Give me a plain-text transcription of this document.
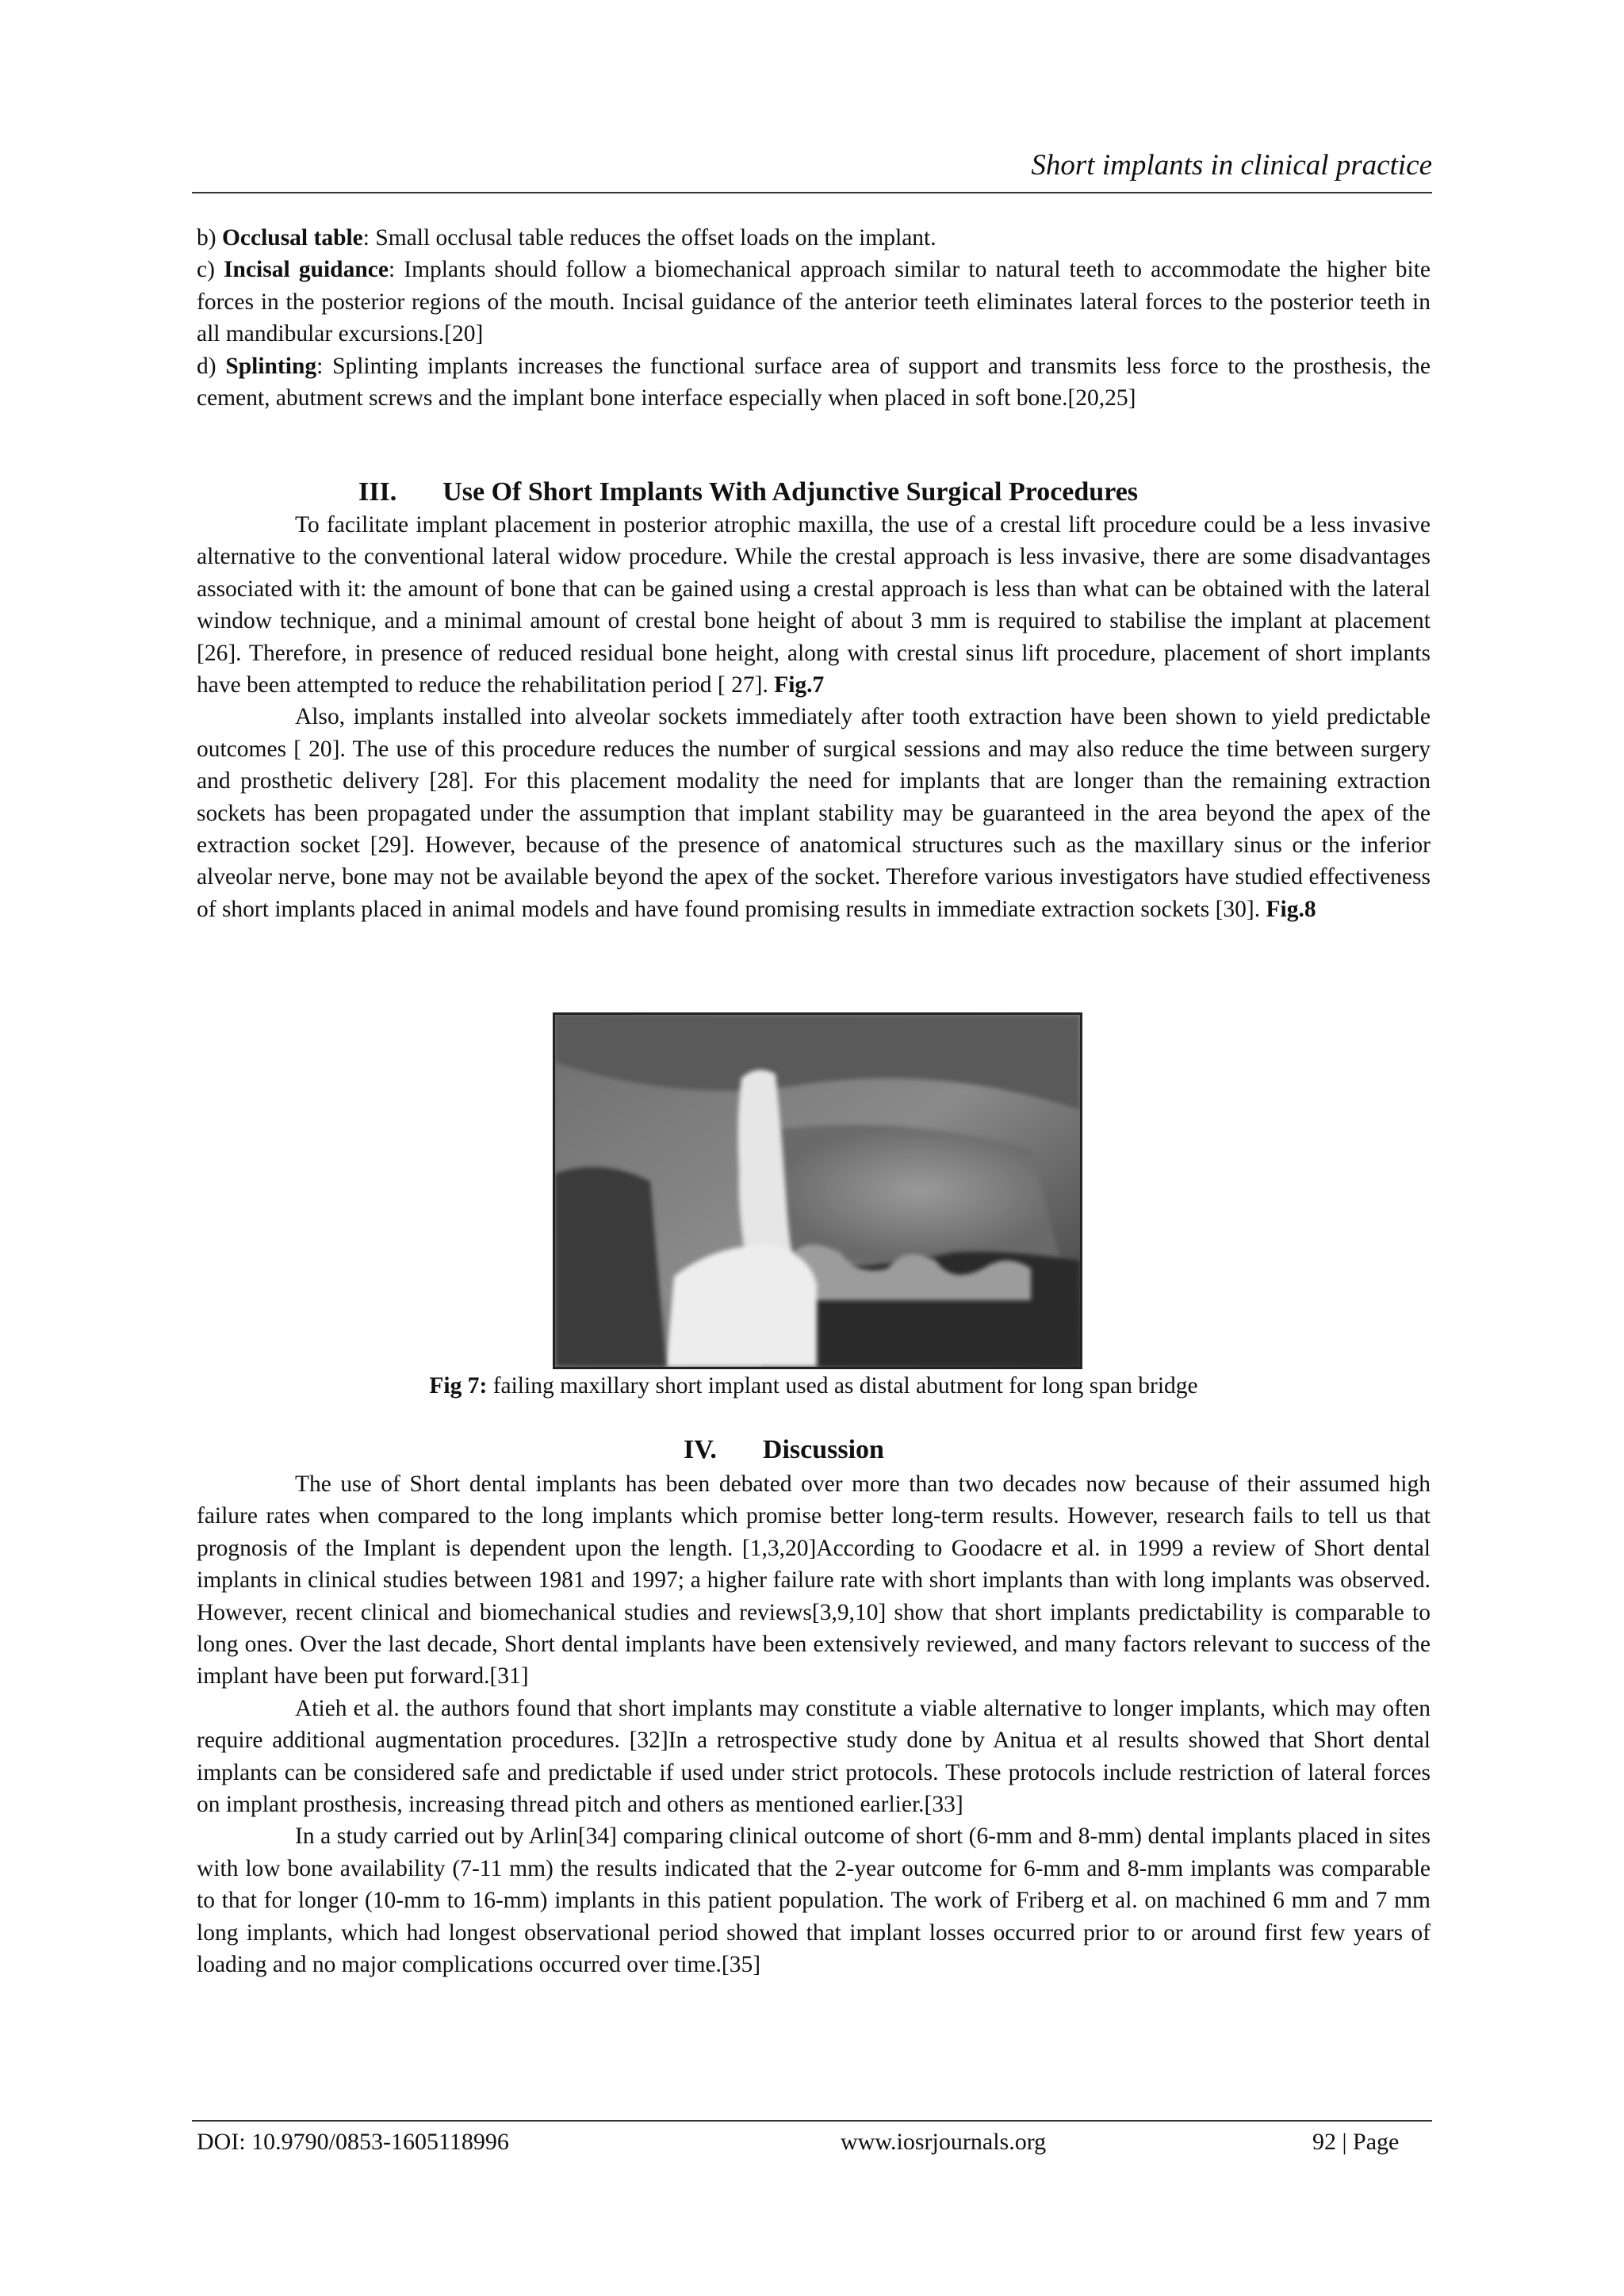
Short implants in clinical practice

b) Occlusal table: Small occlusal table reduces the offset loads on the implant.

c) Incisal guidance: Implants should follow a biomechanical approach similar to natural teeth to accommodate the higher bite forces in the posterior regions of the mouth. Incisal guidance of the anterior teeth eliminates lateral forces to the posterior teeth in all mandibular excursions.[20]

d) Splinting: Splinting implants increases the functional surface area of support and transmits less force to the prosthesis, the cement, abutment screws and the implant bone interface especially when placed in soft bone.[20,25]

III. Use Of Short Implants With Adjunctive Surgical Procedures

To facilitate implant placement in posterior atrophic maxilla, the use of a crestal lift procedure could be a less invasive alternative to the conventional lateral widow procedure. While the crestal approach is less invasive, there are some disadvantages associated with it: the amount of bone that can be gained using a crestal approach is less than what can be obtained with the lateral window technique, and a minimal amount of crestal bone height of about 3 mm is required to stabilise the implant at placement [26]. Therefore, in presence of reduced residual bone height, along with crestal sinus lift procedure, placement of short implants have been attempted to reduce the rehabilitation period [ 27]. Fig.7

Also, implants installed into alveolar sockets immediately after tooth extraction have been shown to yield predictable outcomes [ 20]. The use of this procedure reduces the number of surgical sessions and may also reduce the time between surgery and prosthetic delivery [28]. For this placement modality the need for implants that are longer than the remaining extraction sockets has been propagated under the assumption that implant stability may be guaranteed in the area beyond the apex of the extraction socket [29]. However, because of the presence of anatomical structures such as the maxillary sinus or the inferior alveolar nerve, bone may not be available beyond the apex of the socket. Therefore various investigators have studied effectiveness of short implants placed in animal models and have found promising results in immediate extraction sockets [30]. Fig.8

Fig 7: failing maxillary short implant used as distal abutment for long span bridge
IV. Discussion

The use of Short dental implants has been debated over more than two decades now because of their assumed high failure rates when compared to the long implants which promise better long-term results. However, research fails to tell us that prognosis of the Implant is dependent upon the length. [1,3,20]According to Goodacre et al. in 1999 a review of Short dental implants in clinical studies between 1981 and 1997; a higher failure rate with short implants than with long implants was observed. However, recent clinical and biomechanical studies and reviews[3,9,10] show that short implants predictability is comparable to long ones. Over the last decade, Short dental implants have been extensively reviewed, and many factors relevant to success of the implant have been put forward.[31]

Atieh et al. the authors found that short implants may constitute a viable alternative to longer implants, which may often require additional augmentation procedures. [32]In a retrospective study done by Anitua et al results showed that Short dental implants can be considered safe and predictable if used under strict protocols. These protocols include restriction of lateral forces on implant prosthesis, increasing thread pitch and others as mentioned earlier.[33]

In a study carried out by Arlin[34] comparing clinical outcome of short (6-mm and 8-mm) dental implants placed in sites with low bone availability (7-11 mm) the results indicated that the 2-year outcome for 6-mm and 8-mm implants was comparable to that for longer (10-mm to 16-mm) implants in this patient population. The work of Friberg et al. on machined 6 mm and 7 mm long implants, which had longest observational period showed that implant losses occurred prior to or around first few years of loading and no major complications occurred over time.[35]

DOI: 10.9790/0853-1605118996	www.iosrjournals.org	92 | Page
